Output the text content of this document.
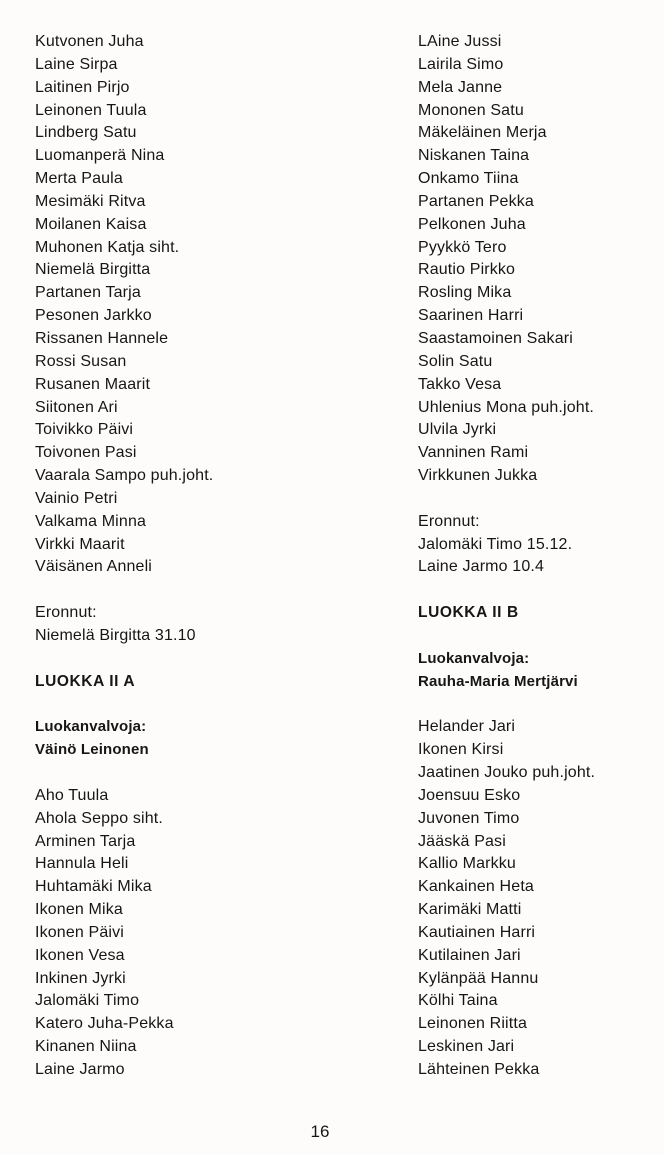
Kutvonen Juha
Laine Sirpa
Laitinen Pirjo
Leinonen Tuula
Lindberg Satu
Luomanperä Nina
Merta Paula
Mesimäki Ritva
Moilanen Kaisa
Muhonen Katja siht.
Niemelä Birgitta
Partanen Tarja
Pesonen Jarkko
Rissanen Hannele
Rossi Susan
Rusanen Maarit
Siitonen Ari
Toivikko Päivi
Toivonen Pasi
Vaarala Sampo puh.joht.
Vainio Petri
Valkama Minna
Virkki Maarit
Väisänen Anneli
Eronnut:
Niemelä Birgitta 31.10
LUOKKA II A
Luokanvalvoja:
Väinö Leinonen
Aho Tuula
Ahola Seppo siht.
Arminen Tarja
Hannula Heli
Huhtamäki Mika
Ikonen Mika
Ikonen Päivi
Ikonen Vesa
Inkinen Jyrki
Jalomäki Timo
Katero Juha-Pekka
Kinanen Niina
Laine Jarmo
LAine Jussi
Lairila Simo
Mela Janne
Mononen Satu
Mäkeläinen Merja
Niskanen Taina
Onkamo Tiina
Partanen Pekka
Pelkonen Juha
Pyykkö Tero
Rautio Pirkko
Rosling Mika
Saarinen Harri
Saastamoinen Sakari
Solin Satu
Takko Vesa
Uhlenius Mona puh.joht.
Ulvila Jyrki
Vanninen Rami
Virkkunen Jukka
Eronnut:
Jalomäki Timo 15.12.
Laine Jarmo 10.4
LUOKKA II B
Luokanvalvoja:
Rauha-Maria Mertjärvi
Helander Jari
Ikonen Kirsi
Jaatinen Jouko puh.joht.
Joensuu Esko
Juvonen Timo
Jääskä Pasi
Kallio Markku
Kankainen Heta
Karimäki Matti
Kautiainen Harri
Kutilainen Jari
Kylänpää Hannu
Kölhi Taina
Leinonen Riitta
Leskinen Jari
Lähteinen Pekka
16
